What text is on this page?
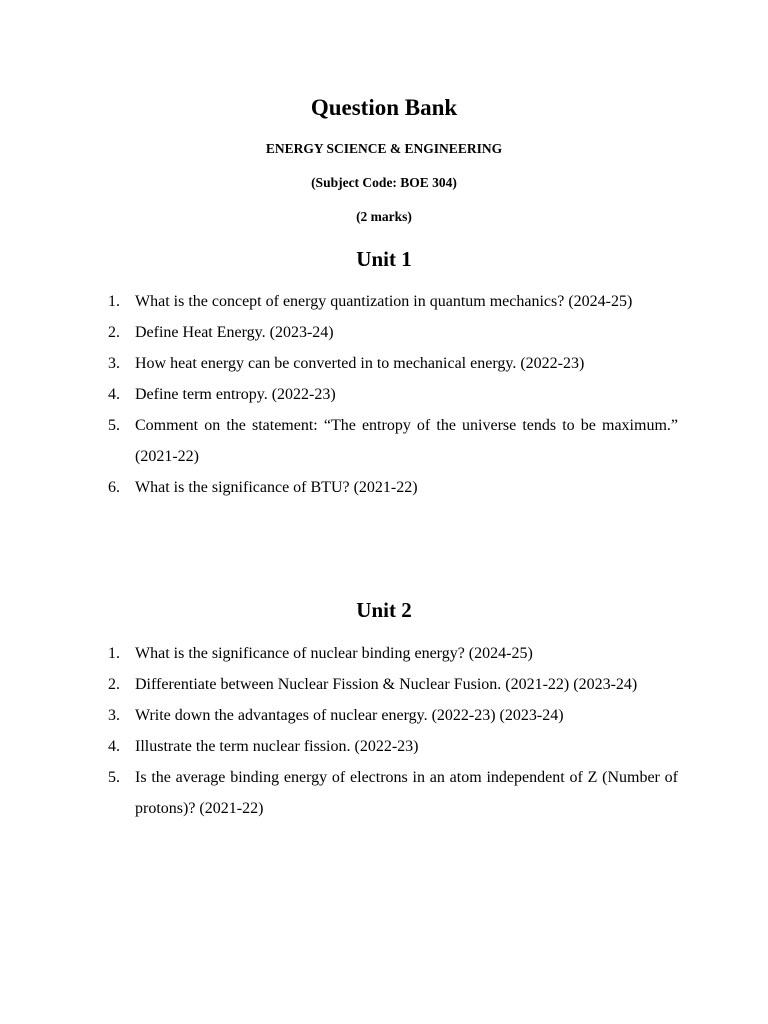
Question Bank
ENERGY SCIENCE & ENGINEERING
(Subject Code: BOE 304)
(2 marks)
Unit 1
1. What is the concept of energy quantization in quantum mechanics? (2024-25)
2. Define Heat Energy. (2023-24)
3. How heat energy can be converted in to mechanical energy. (2022-23)
4. Define term entropy. (2022-23)
5. Comment on the statement: “The entropy of the universe tends to be maximum.” (2021-22)
6. What is the significance of BTU? (2021-22)
Unit 2
1. What is the significance of nuclear binding energy? (2024-25)
2. Differentiate between Nuclear Fission & Nuclear Fusion. (2021-22) (2023-24)
3. Write down the advantages of nuclear energy. (2022-23) (2023-24)
4. Illustrate the term nuclear fission. (2022-23)
5. Is the average binding energy of electrons in an atom independent of Z (Number of protons)? (2021-22)
